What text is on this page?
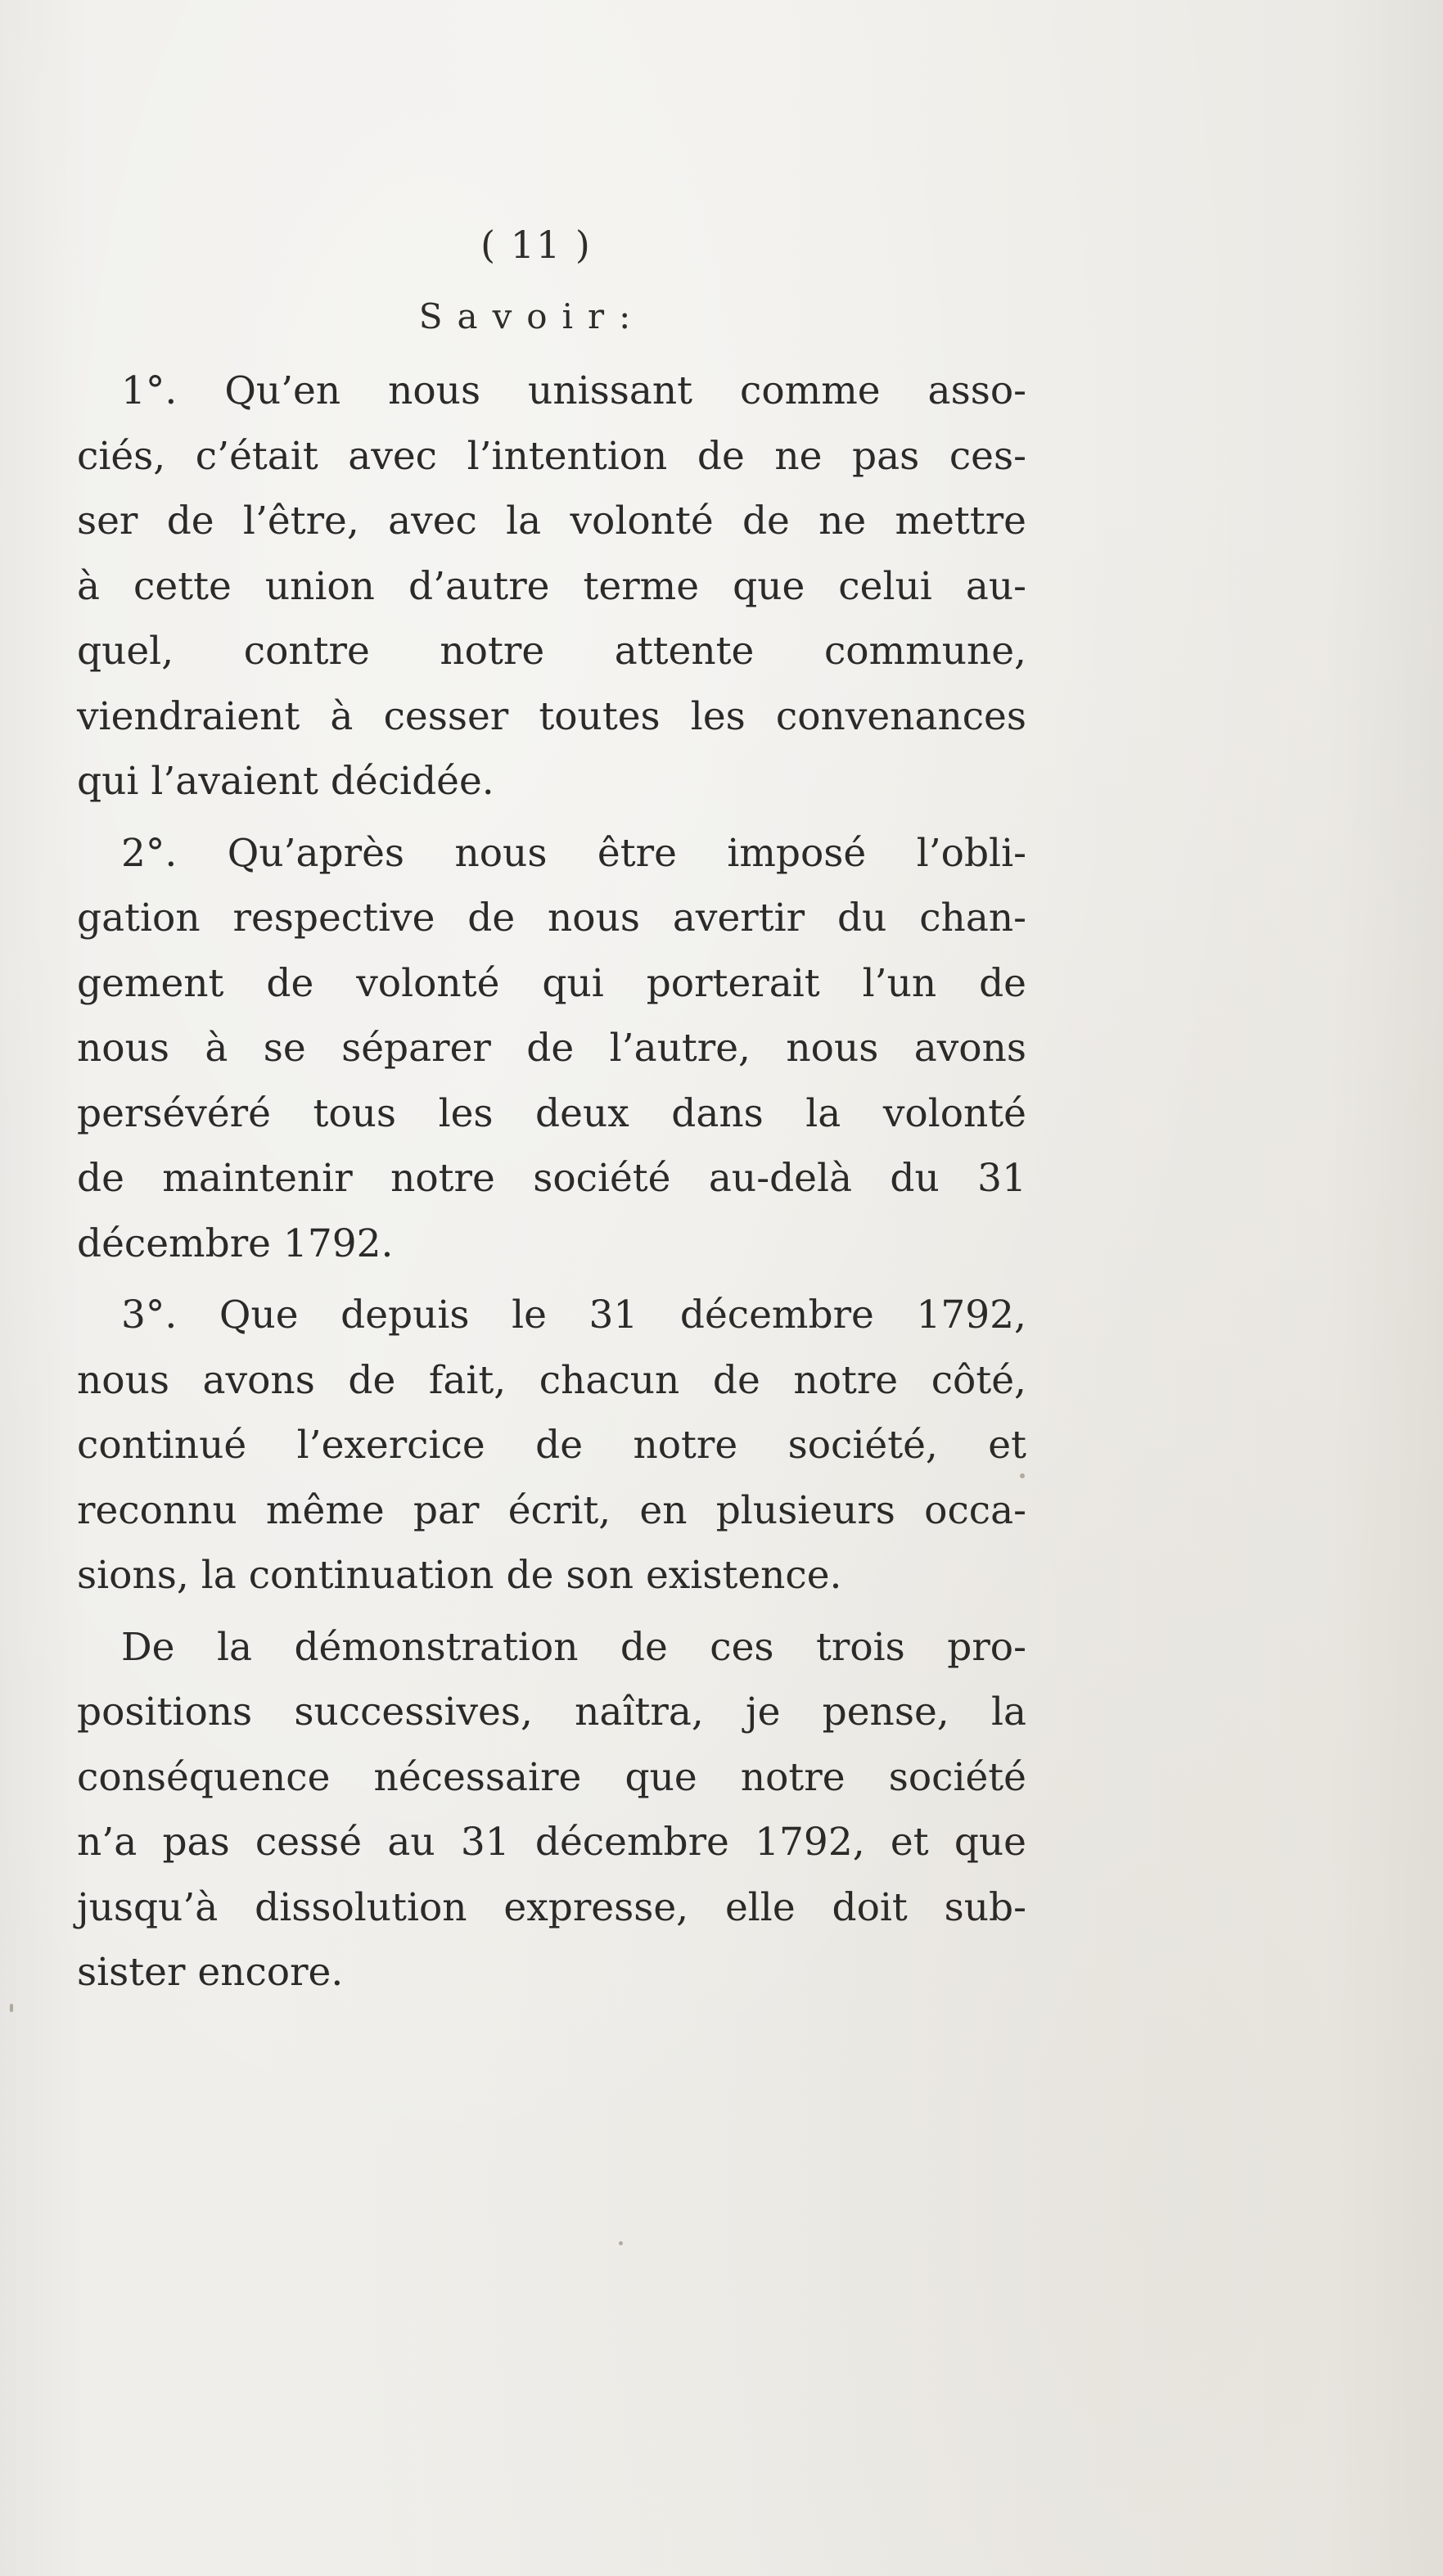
( 11 )
Savoir:
1°. Qu’en nous unissant comme asso-
ciés, c’était avec l’intention de ne pas ces-
ser de l’être, avec la volonté de ne mettre
à cette union d’autre terme que celui au-
quel, contre notre attente commune,
viendraient à cesser toutes les convenances
qui l’avaient décidée.
2°. Qu’après nous être imposé l’obli-
gation respective de nous avertir du chan-
gement de volonté qui porterait l’un de
nous à se séparer de l’autre, nous avons
persévéré tous les deux dans la volonté
de maintenir notre société au-delà du 31
décembre 1792.
3°. Que depuis le 31 décembre 1792,
nous avons de fait, chacun de notre côté,
continué l’exercice de notre société, et
reconnu même par écrit, en plusieurs occa-
sions, la continuation de son existence.
De la démonstration de ces trois pro-
positions successives, naîtra, je pense, la
conséquence nécessaire que notre société
n’a pas cessé au 31 décembre 1792, et que
jusqu’à dissolution expresse, elle doit sub-
sister encore.
